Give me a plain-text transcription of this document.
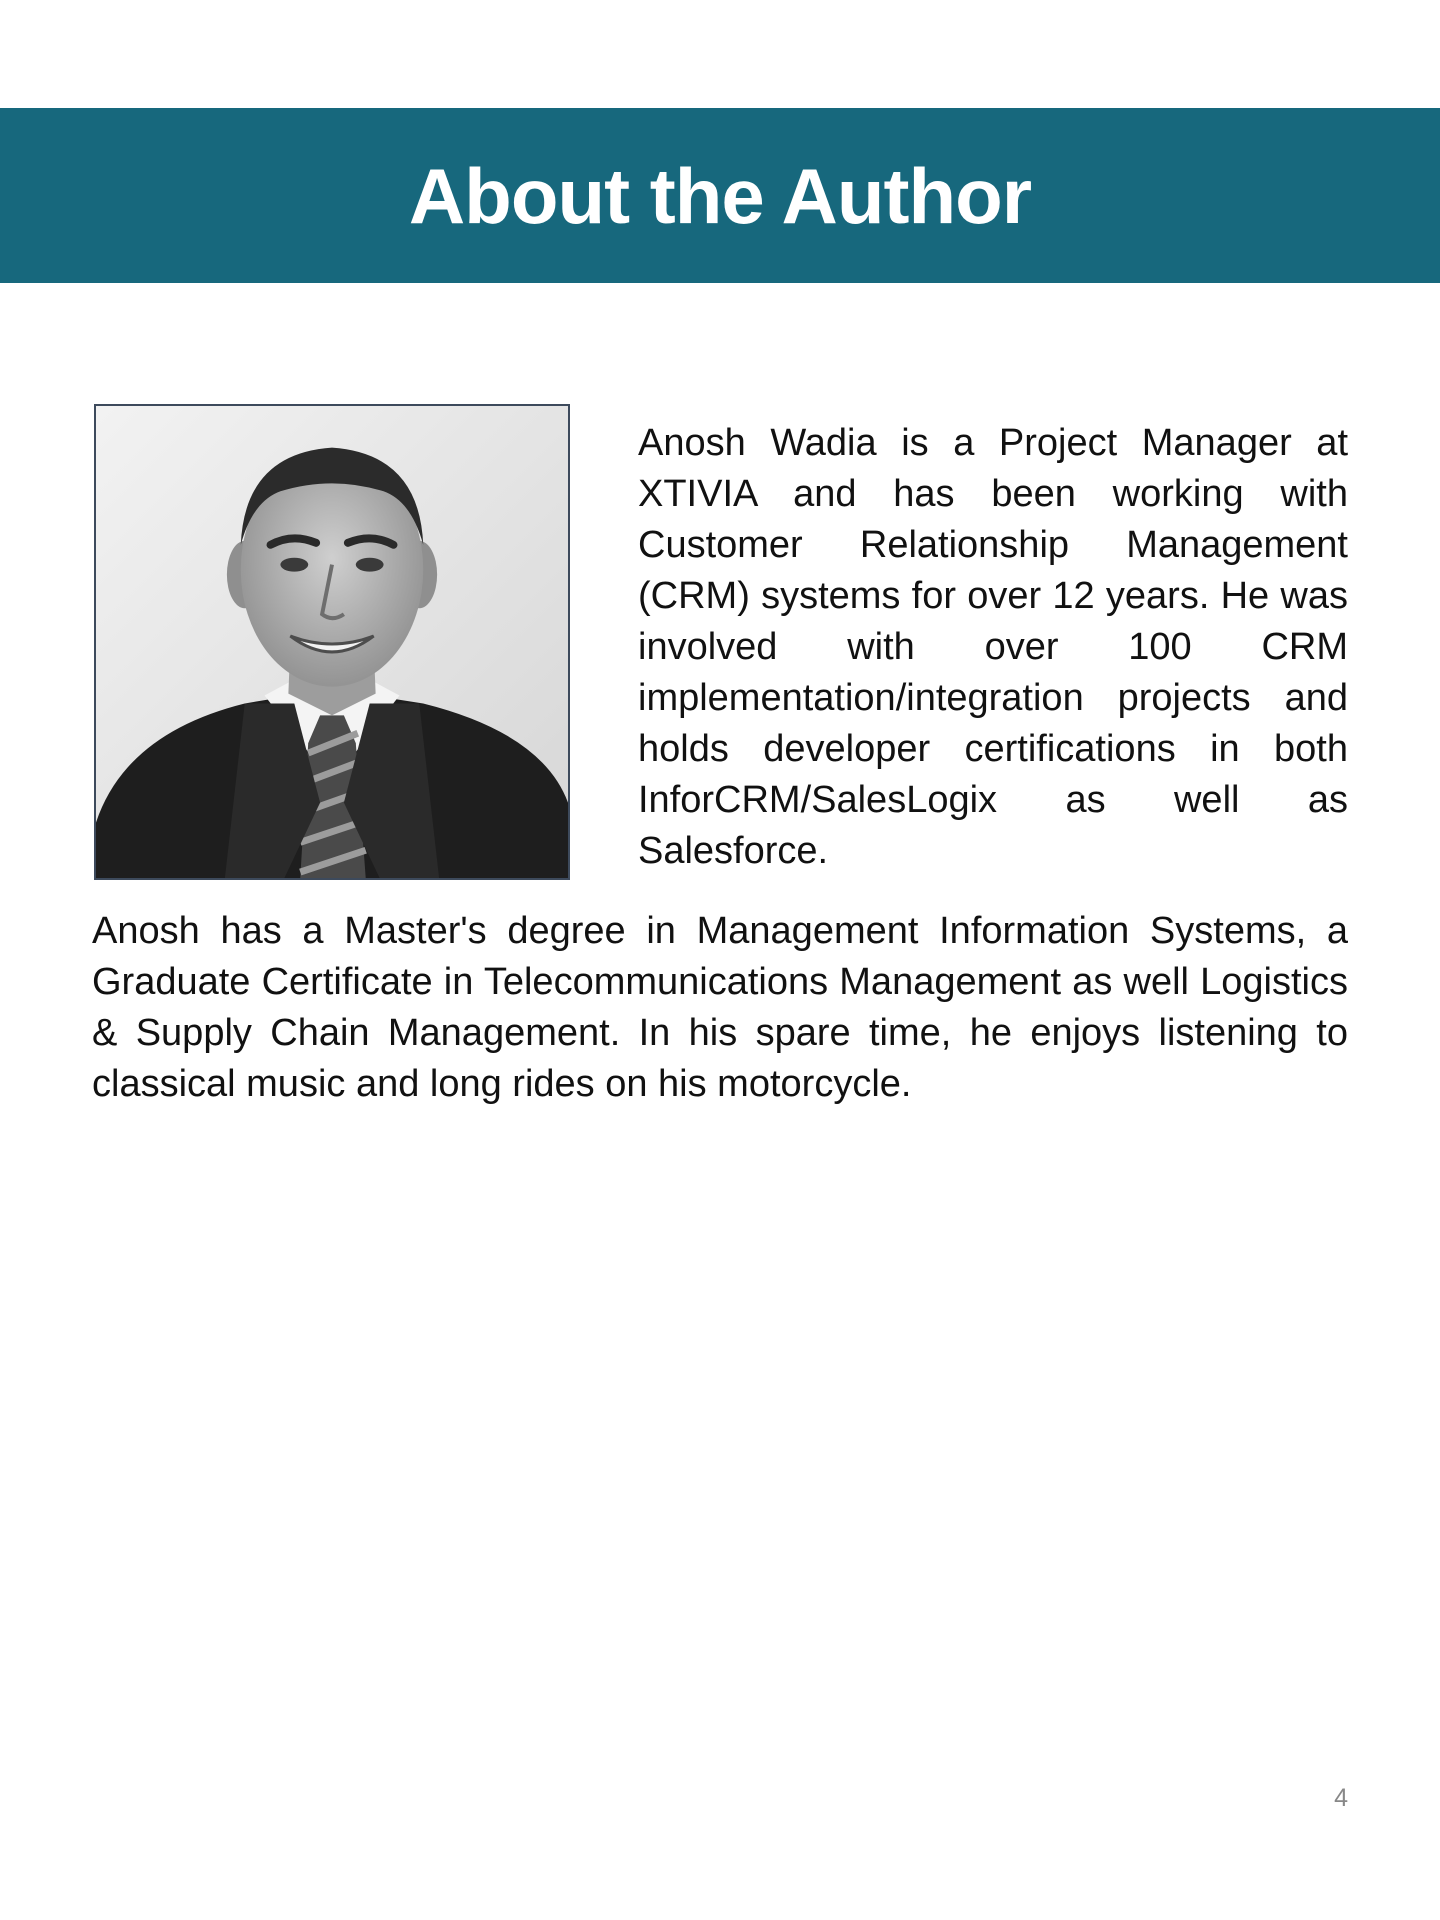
About the Author

Anosh Wadia is a Project Manager at XTIVIA and has been working with Customer Relationship Management (CRM) systems for over 12 years. He was involved with over 100 CRM implementation/integration projects and holds developer certifications in both InforCRM/SalesLogix as well as Salesforce.

Anosh has a Master's degree in Management Information Systems, a Graduate Certificate in Telecommunications Management as well Logistics & Supply Chain Management. In his spare time, he enjoys listening to classical music and long rides on his motorcycle.

4
